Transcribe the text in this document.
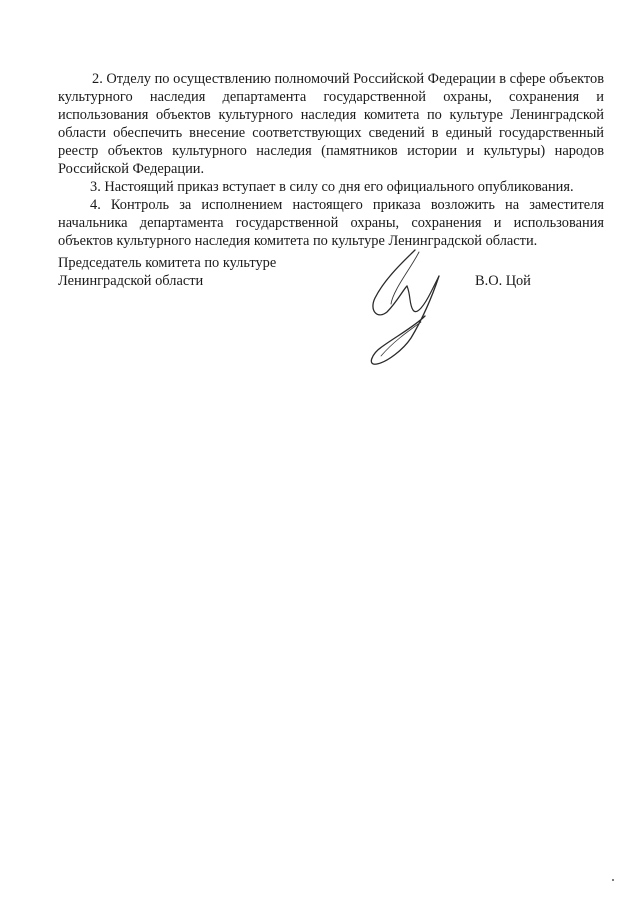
2. Отделу по осуществлению полномочий Российской Федерации в сфере объектов культурного наследия департамента государственной охраны, сохранения и использования объектов культурного наследия комитета по культуре Ленинградской области обеспечить внесение соответствующих сведений в единый государственный реестр объектов культурного наследия (памятников истории и культуры) народов Российской Федерации.

3. Настоящий приказ вступает в силу со дня его официального опубликования.

4. Контроль за исполнением настоящего приказа возложить на заместителя начальника департамента государственной охраны, сохранения и использования объектов культурного наследия комитета по культуре Ленинградской области.

Председатель комитета по культуре
Ленинградской области	В.О. Цой
